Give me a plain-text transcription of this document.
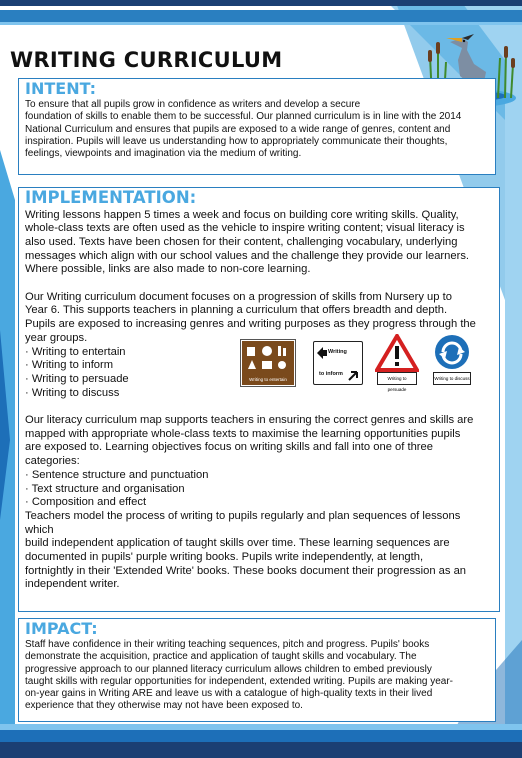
WRITING CURRICULUM
INTENT:

To ensure that all pupils grow in confidence as writers and develop a secure

foundation of skills to enable them to be successful. Our planned curriculum is in line with the 2014

National Curriculum and ensures that pupils are exposed to a wide range of genres, content and

inspiration. Pupils will leave us understanding how to appropriately communicate their thoughts,

feelings, viewpoints and imagination via the medium of writing.

IMPLEMENTATION:

Writing lessons happen 5 times a week and focus on building core writing skills. Quality,

whole-class texts are often used as the vehicle to inspire writing content; visual literacy is

also used. Texts have been chosen for their content, challenging vocabulary, underlying

messages which align with our school values and the challenge they provide our learners.

Where possible, links are also made to non-core learning.

Our Writing curriculum document focuses on a progression of skills from Nursery up to

Year 6. This supports teachers in planning a curriculum that offers breadth and depth.

Pupils are exposed to increasing genres and writing purposes as they progress through the

year groups.

· Writing to entertain

· Writing to inform

· Writing to persuade

· Writing to discuss

Our literacy curriculum map supports teachers in ensuring the correct genres and skills are

mapped with appropriate whole-class texts to maximise the learning opportunities pupils

are exposed to. Learning objectives focus on writing skills and fall into one of three

categories:

· Sentence structure and punctuation

· Text structure and organisation

· Composition and effect

Teachers model the process of writing to pupils regularly and plan sequences of lessons

which

build independent application of taught skills over time. These learning sequences are

documented in pupils' purple writing books. Pupils write independently, at length,

fortnightly in their 'Extended Write' books. These books document their progression as an

independent writer.

Writing to entertain
Writing
to inform
Writing to persuade
Writing to discuss
IMPACT:

Staff have confidence in their writing teaching sequences, pitch and progress. Pupils' books

demonstrate the acquisition, practice and application of taught skills and vocabulary. The

progressive approach to our planned literacy curriculum allows children to embed previously

taught skills with regular opportunities for independent, extended writing. Pupils are making year-

on-year gains in Writing ARE and leave us with a catalogue of high-quality texts in their lived

experience that they otherwise may not have been exposed to.
